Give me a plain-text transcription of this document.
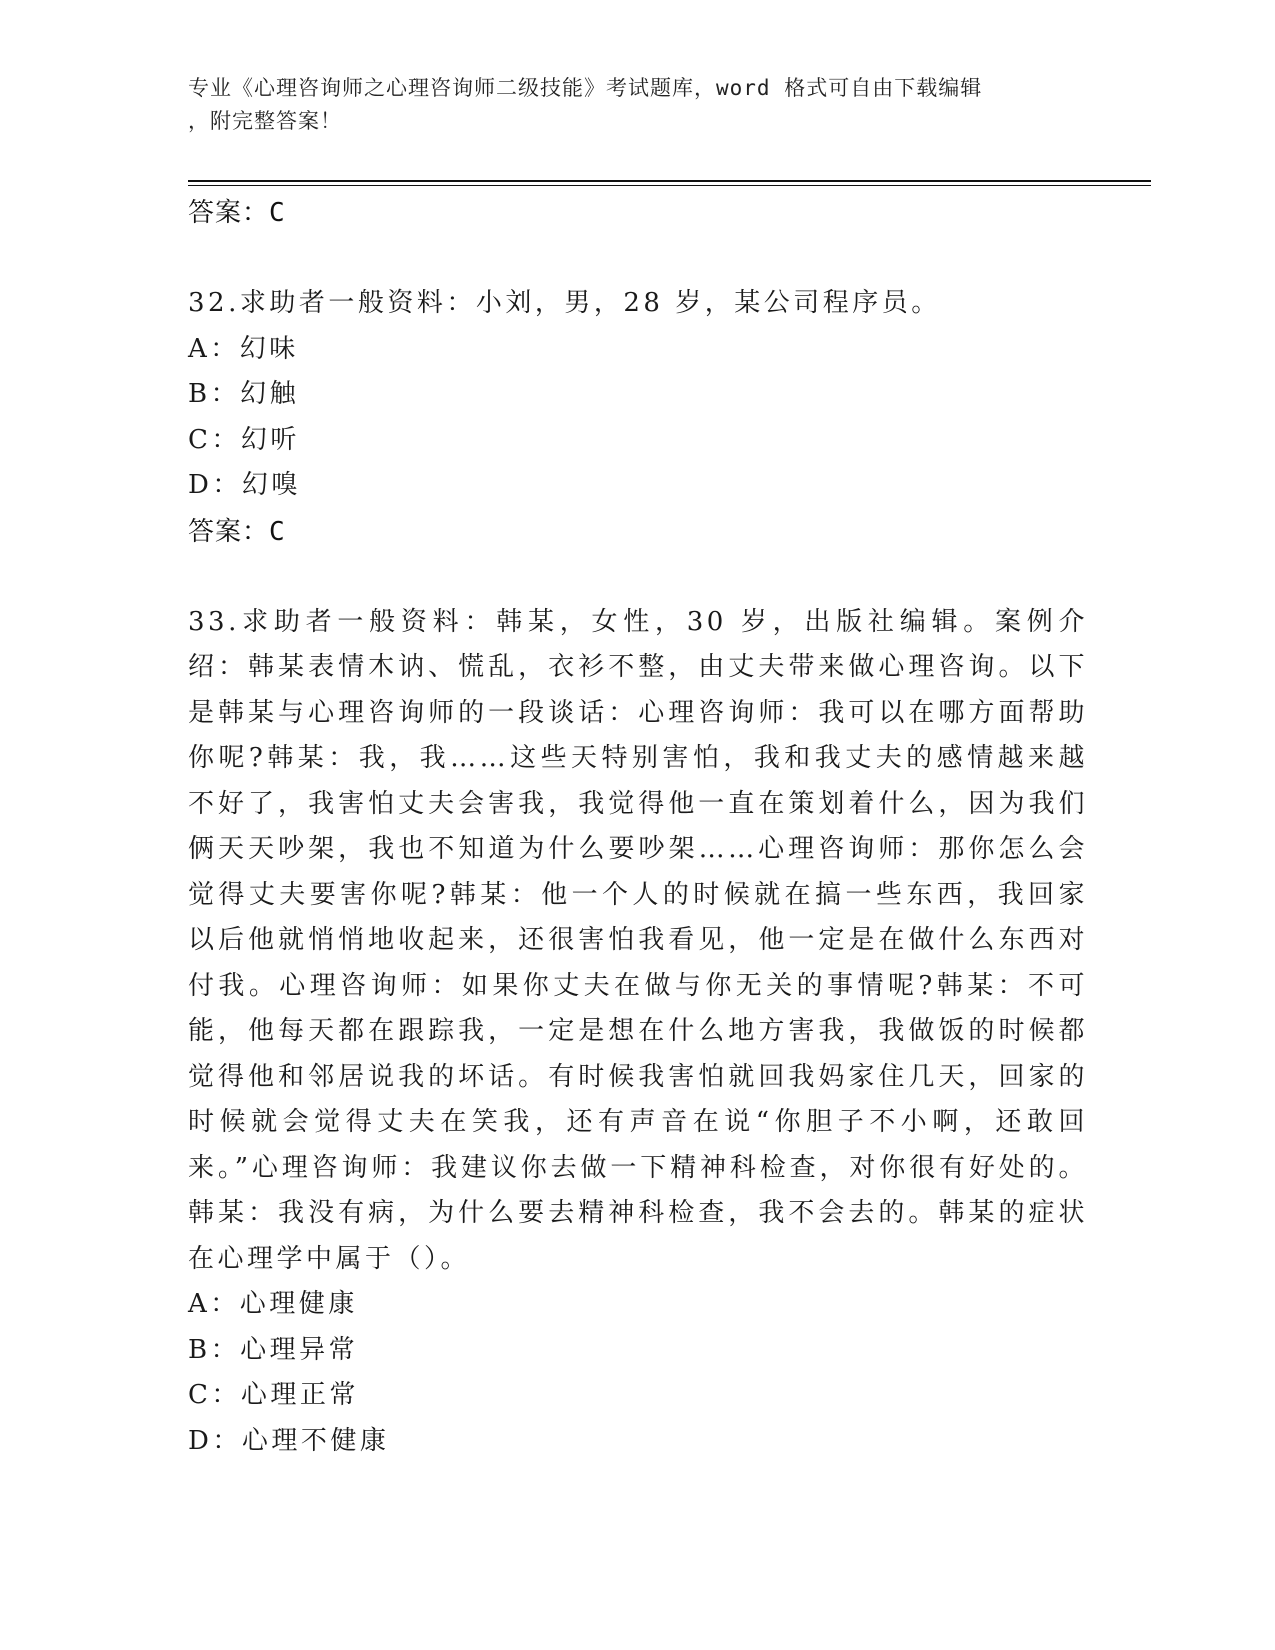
专业《心理咨询师之心理咨询师二级技能》考试题库，word 格式可自由下载编辑
，附完整答案！
答案：C
32.求助者一般资料：小刘，男，28 岁，某公司程序员。
A：幻味
B：幻触
C：幻听
D：幻嗅
答案：C
33.求助者一般资料：韩某，女性，30 岁，出版社编辑。案例介绍：韩某表情木讷、慌乱，衣衫不整，由丈夫带来做心理咨询。以下是韩某与心理咨询师的一段谈话：心理咨询师：我可以在哪方面帮助你呢?韩某：我，我……这些天特别害怕，我和我丈夫的感情越来越不好了，我害怕丈夫会害我，我觉得他一直在策划着什么，因为我们俩天天吵架，我也不知道为什么要吵架……心理咨询师：那你怎么会觉得丈夫要害你呢?韩某：他一个人的时候就在搞一些东西，我回家以后他就悄悄地收起来，还很害怕我看见，他一定是在做什么东西对付我。心理咨询师：如果你丈夫在做与你无关的事情呢?韩某：不可能，他每天都在跟踪我，一定是想在什么地方害我，我做饭的时候都觉得他和邻居说我的坏话。有时候我害怕就回我妈家住几天，回家的时候就会觉得丈夫在笑我，还有声音在说“你胆子不小啊，还敢回来。”心理咨询师：我建议你去做一下精神科检查，对你很有好处的。韩某：我没有病，为什么要去精神科检查，我不会去的。韩某的症状在心理学中属于（）。
A：心理健康
B：心理异常
C：心理正常
D：心理不健康
